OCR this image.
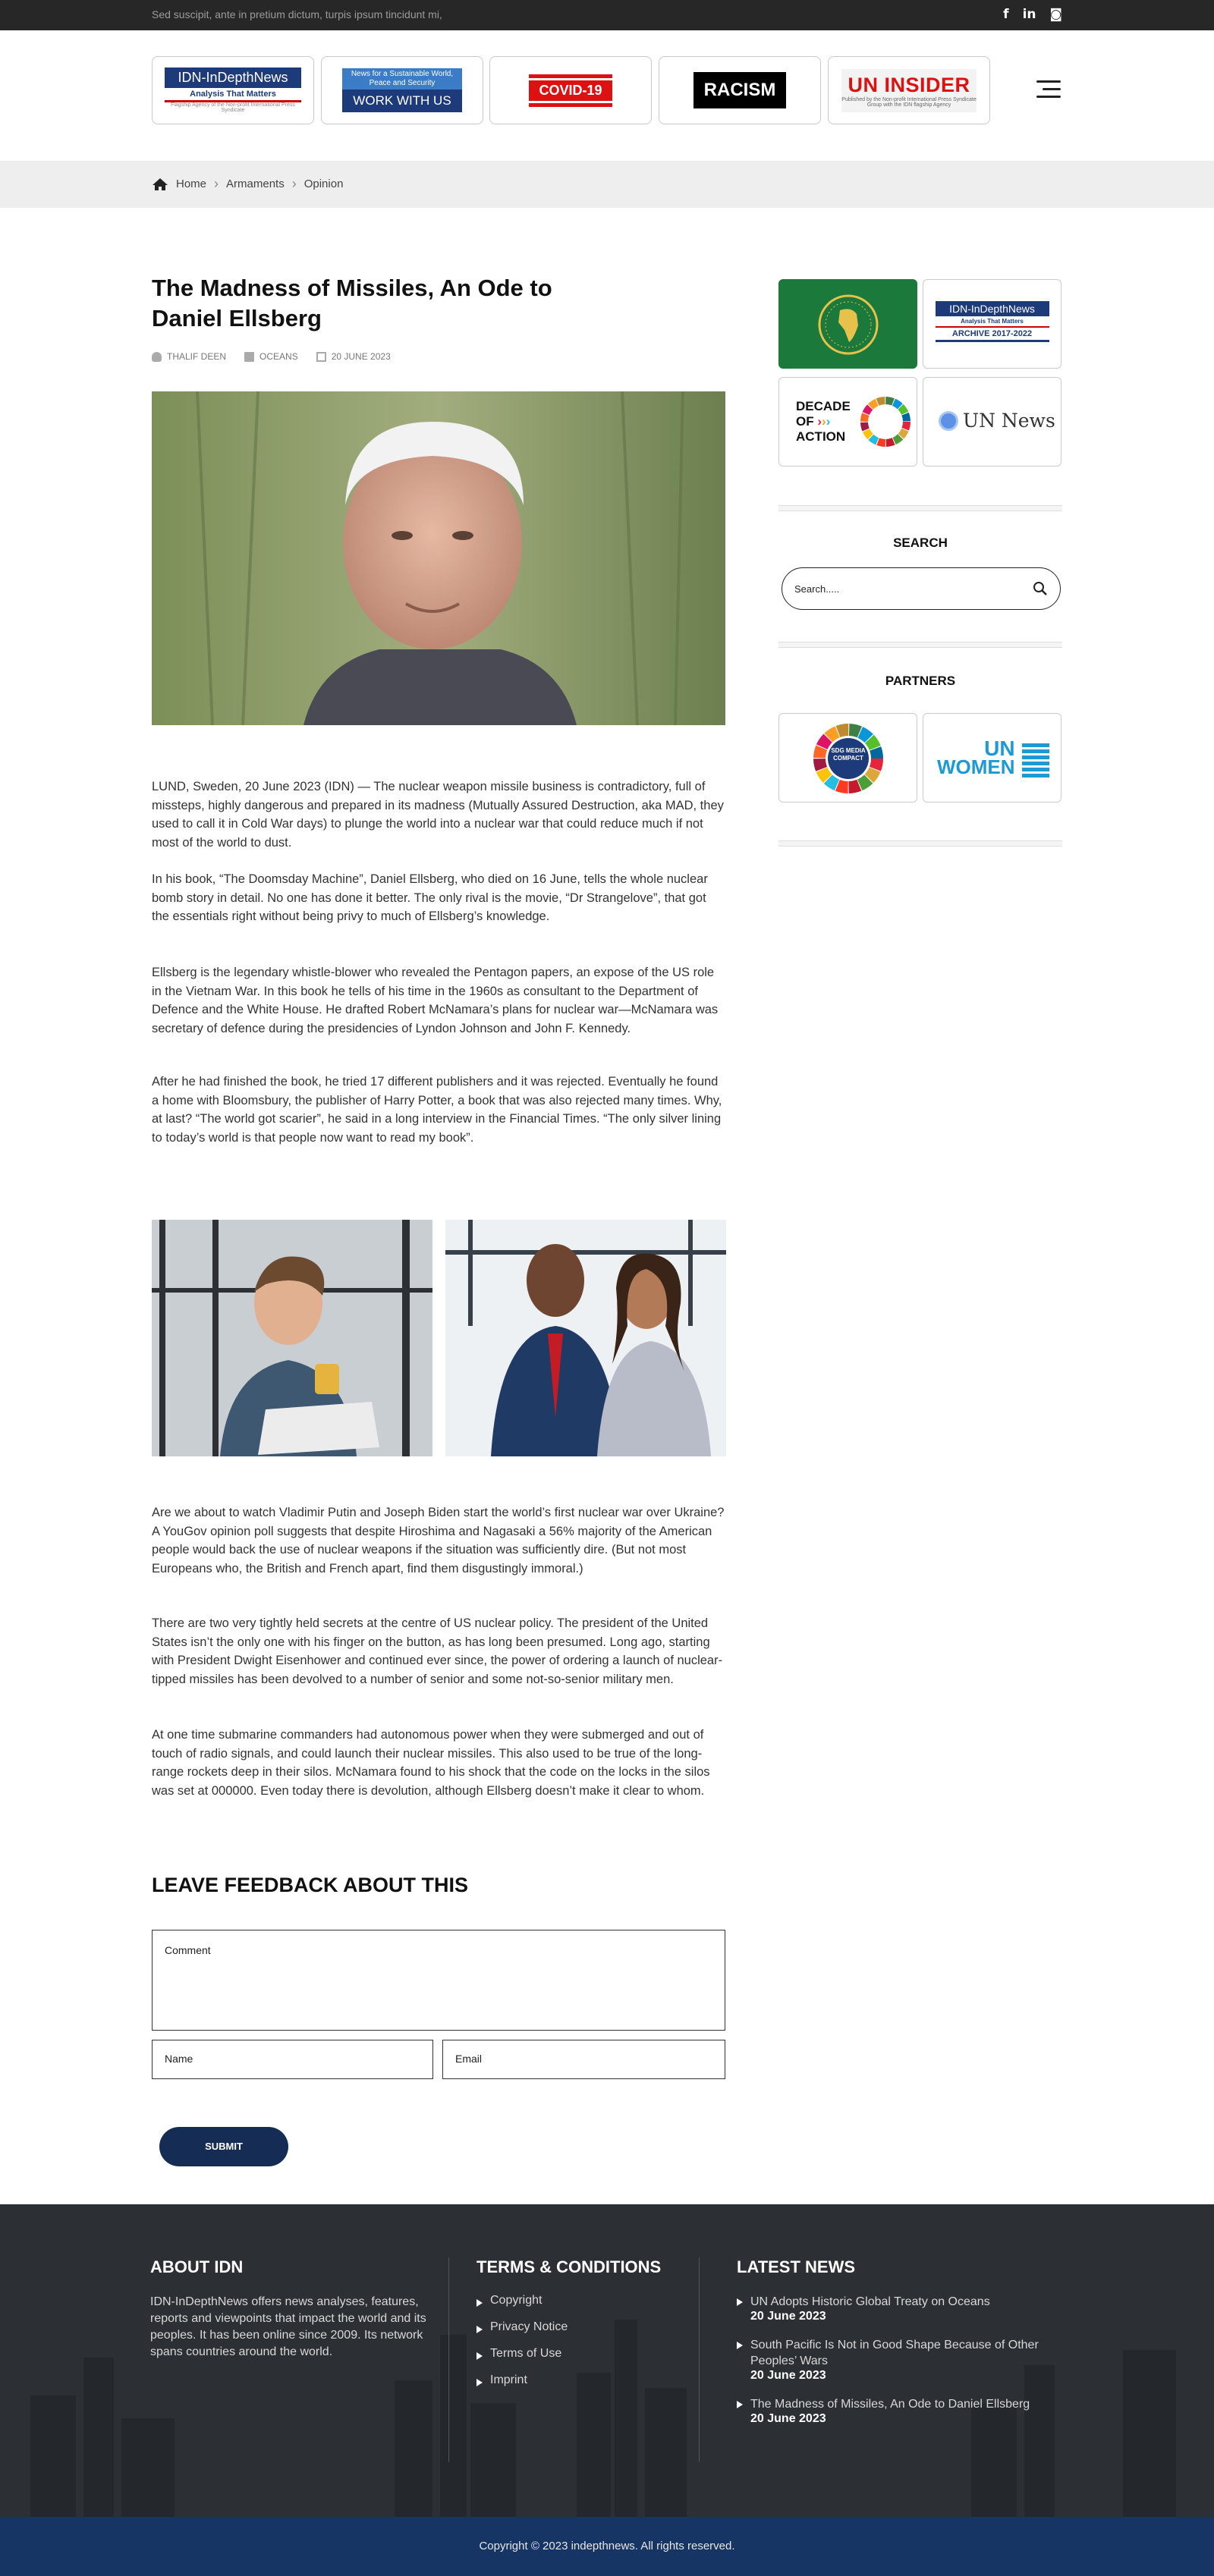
Sed suscipit, ante in pretium dictum, turpis ipsum tincidunt mi,	f in ◙
IDN-InDepthNews
Analysis That Matters
Flagship Agency of the Non-profit International Press Syndicate
News for a Sustainable World, Peace and Security
WORK WITH US
COVID-19	RACISM	UN INSIDER
Published by the Non-profit International Press Syndicate Group with the IDN flagship Agency
Home › Armaments › Opinion
The Madness of Missiles, An Ode to Daniel Ellsberg
THALIF DEEN	OCEANS	20 JUNE 2023

LUND, Sweden, 20 June 2023 (IDN) — The nuclear weapon missile business is contradictory, full of missteps, highly dangerous and prepared in its madness (Mutually Assured Destruction, aka MAD, they used to call it in Cold War days) to plunge the world into a nuclear war that could reduce much if not most of the world to dust.

In his book, “The Doomsday Machine”, Daniel Ellsberg, who died on 16 June, tells the whole nuclear bomb story in detail. No one has done it better. The only rival is the movie, “Dr Strangelove”, that got the essentials right without being privy to much of Ellsberg’s knowledge.

Ellsberg is the legendary whistle-blower who revealed the Pentagon papers, an expose of the US role in the Vietnam War. In this book he tells of his time in the 1960s as consultant to the Department of Defence and the White House. He drafted Robert McNamara’s plans for nuclear war—McNamara was secretary of defence during the presidencies of Lyndon Johnson and John F. Kennedy.

After he had finished the book, he tried 17 different publishers and it was rejected. Eventually he found a home with Bloomsbury, the publisher of Harry Potter, a book that was also rejected many times. Why, at last? “The world got scarier”, he said in a long interview in the Financial Times. “The only silver lining to today’s world is that people now want to read my book”.

Are we about to watch Vladimir Putin and Joseph Biden start the world’s first nuclear war over Ukraine? A YouGov opinion poll suggests that despite Hiroshima and Nagasaki a 56% majority of the American people would back the use of nuclear weapons if the situation was sufficiently dire. (But not most Europeans who, the British and French apart, find them disgustingly immoral.)

There are two very tightly held secrets at the centre of US nuclear policy. The president of the United States isn’t the only one with his finger on the button, as has long been presumed. Long ago, starting with President Dwight Eisenhower and continued ever since, the power of ordering a launch of nuclear-tipped missiles has been devolved to a number of senior and some not-so-senior military men.

At one time submarine commanders had autonomous power when they were submerged and out of touch of radio signals, and could launch their nuclear missiles. This also used to be true of the long-range rockets deep in their silos. McNamara found to his shock that the code on the locks in the silos was set at 000000. Even today there is devolution, although Ellsberg doesn’t make it clear to whom.

LEAVE FEEDBACK ABOUT THIS
Comment
Name	Email
SUBMIT
IDN-InDepthNews
Analysis That Matters
ARCHIVE 2017-2022
DECADE
OF ›››
ACTION
UN News
SEARCH
Search.....
PARTNERS
SDG MEDIA COMPACT	UN
WOMEN
ABOUT IDN

IDN-InDepthNews offers news analyses, features, reports and viewpoints that impact the world and its peoples. It has been online since 2009. Its network spans countries around the world.

TERMS & CONDITIONS
Copyright
Privacy Notice
Terms of Use
Imprint
LATEST NEWS
UN Adopts Historic Global Treaty on Oceans
20 June 2023
South Pacific Is Not in Good Shape Because of Other Peoples’ Wars
20 June 2023
The Madness of Missiles, An Ode to Daniel Ellsberg
20 June 2023
Copyright © 2023 indepthnews. All rights reserved.
